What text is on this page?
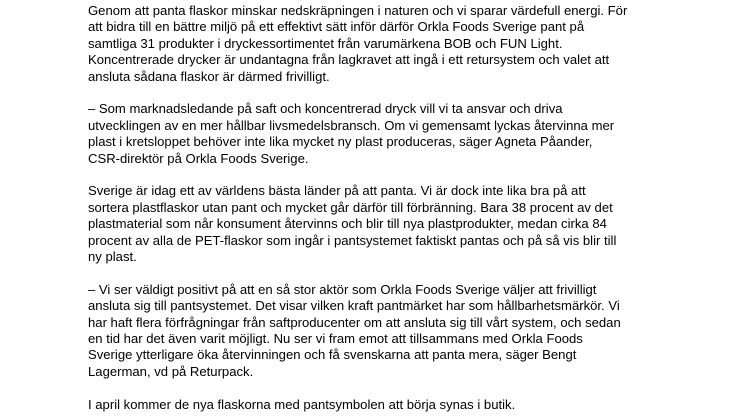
Genom att panta flaskor minskar nedskräpningen i naturen och vi sparar värdefull energi. För
att bidra till en bättre miljö på ett effektivt sätt inför därför Orkla Foods Sverige pant på
samtliga 31 produkter i dryckessortimentet från varumärkena BOB och FUN Light.
Koncentrerade drycker är undantagna från lagkravet att ingå i ett retursystem och valet att
ansluta sådana flaskor är därmed frivilligt.

– Som marknadsledande på saft och koncentrerad dryck vill vi ta ansvar och driva
utvecklingen av en mer hållbar livsmedelsbransch. Om vi gemensamt lyckas återvinna mer
plast i kretsloppet behöver inte lika mycket ny plast produceras, säger Agneta Påander,
CSR-direktör på Orkla Foods Sverige.

Sverige är idag ett av världens bästa länder på att panta. Vi är dock inte lika bra på att
sortera plastflaskor utan pant och mycket går därför till förbränning. Bara 38 procent av det
plastmaterial som når konsument återvinns och blir till nya plastprodukter, medan cirka 84
procent av alla de PET-flaskor som ingår i pantsystemet faktiskt pantas och på så vis blir till
ny plast.

– Vi ser väldigt positivt på att en så stor aktör som Orkla Foods Sverige väljer att frivilligt
ansluta sig till pantsystemet. Det visar vilken kraft pantmärket har som hållbarhetsmärkör. Vi
har haft flera förfrågningar från saftproducenter om att ansluta sig till vårt system, och sedan
en tid har det även varit möjligt. Nu ser vi fram emot att tillsammans med Orkla Foods
Sverige ytterligare öka återvinningen och få svenskarna att panta mera, säger Bengt
Lagerman, vd på Returpack.

I april kommer de nya flaskorna med pantsymbolen att börja synas i butik.
